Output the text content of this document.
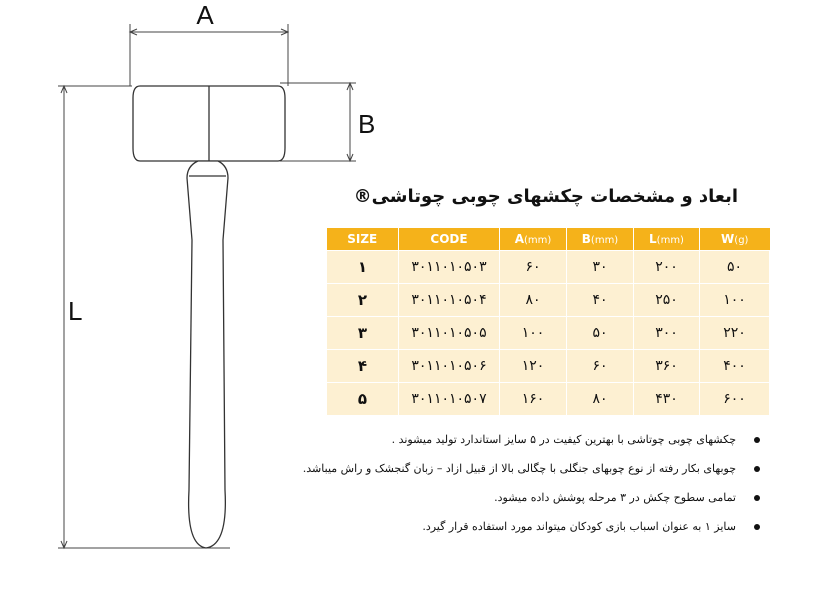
A
B
L
ابعاد و مشخصات چکشهای چوبی چوتاشی®
SIZE	CODE	A(mm)	B(mm)	L(mm)	W(g)
۱	۳۰۱۱۰۱۰۵۰۳	۶۰	۳۰	۲۰۰	۵۰
۲	۳۰۱۱۰۱۰۵۰۴	۸۰	۴۰	۲۵۰	۱۰۰
۳	۳۰۱۱۰۱۰۵۰۵	۱۰۰	۵۰	۳۰۰	۲۲۰
۴	۳۰۱۱۰۱۰۵۰۶	۱۲۰	۶۰	۳۶۰	۴۰۰
۵	۳۰۱۱۰۱۰۵۰۷	۱۶۰	۸۰	۴۳۰	۶۰۰
چکشهای چوبی چوتاشی با بهترین کیفیت در ۵ سایز استاندارد تولید میشوند .
چوبهای بکار رفته از نوع چوبهای جنگلی با چگالی بالا از قبیل ازاد – زبان گنجشک و راش میباشد.
تمامی سطوح چکش در ۳ مرحله پوشش داده میشود.
سایز ۱ به عنوان اسباب بازی کودکان میتواند مورد استفاده قرار گیرد.
